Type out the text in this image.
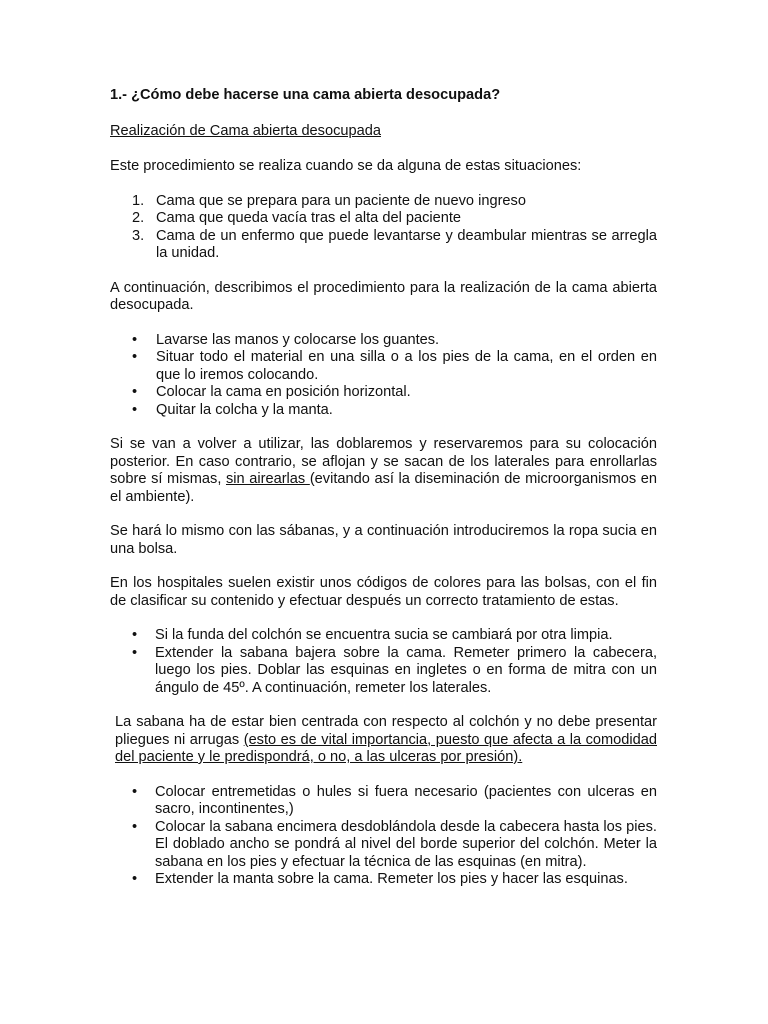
1.- ¿Cómo debe hacerse una cama abierta desocupada?

Realización de Cama abierta desocupada

Este procedimiento se realiza cuando se da alguna de estas situaciones:

1. Cama que se prepara para un paciente de nuevo ingreso
2. Cama que queda vacía tras el alta del paciente
3. Cama de un enfermo que puede levantarse y deambular mientras se arregla la unidad.

A continuación, describimos el procedimiento para la realización de la cama abierta desocupada.

• Lavarse las manos y colocarse los guantes.
• Situar todo el material en una silla o a los pies de la cama, en el orden en que lo iremos colocando.
• Colocar la cama en posición horizontal.
• Quitar la colcha y la manta.

Si se van a volver a utilizar, las doblaremos y reservaremos para su colocación posterior. En caso contrario, se aflojan y se sacan de los laterales para enrollarlas sobre sí mismas, sin airearlas (evitando así la diseminación de microorganismos en el ambiente).

Se hará lo mismo con las sábanas, y a continuación introduciremos la ropa sucia en una bolsa.

En los hospitales suelen existir unos códigos de colores para las bolsas, con el fin de clasificar su contenido y efectuar después un correcto tratamiento de estas.

• Si la funda del colchón se encuentra sucia se cambiará por otra limpia.
• Extender la sabana bajera sobre la cama. Remeter primero la cabecera, luego los pies. Doblar las esquinas en ingletes o en forma de mitra con un ángulo de 45º. A continuación, remeter los laterales.

La sabana ha de estar bien centrada con respecto al colchón y no debe presentar pliegues ni arrugas (esto es de vital importancia, puesto que afecta a la comodidad del paciente y le predispondrá, o no, a las ulceras por presión).

• Colocar entremetidas o hules si fuera necesario (pacientes con ulceras en sacro, incontinentes,)
• Colocar la sabana encimera desdoblándola desde la cabecera hasta los pies. El doblado ancho se pondrá al nivel del borde superior del colchón. Meter la sabana en los pies y efectuar la técnica de las esquinas (en mitra).
• Extender la manta sobre la cama. Remeter los pies y hacer las esquinas.
